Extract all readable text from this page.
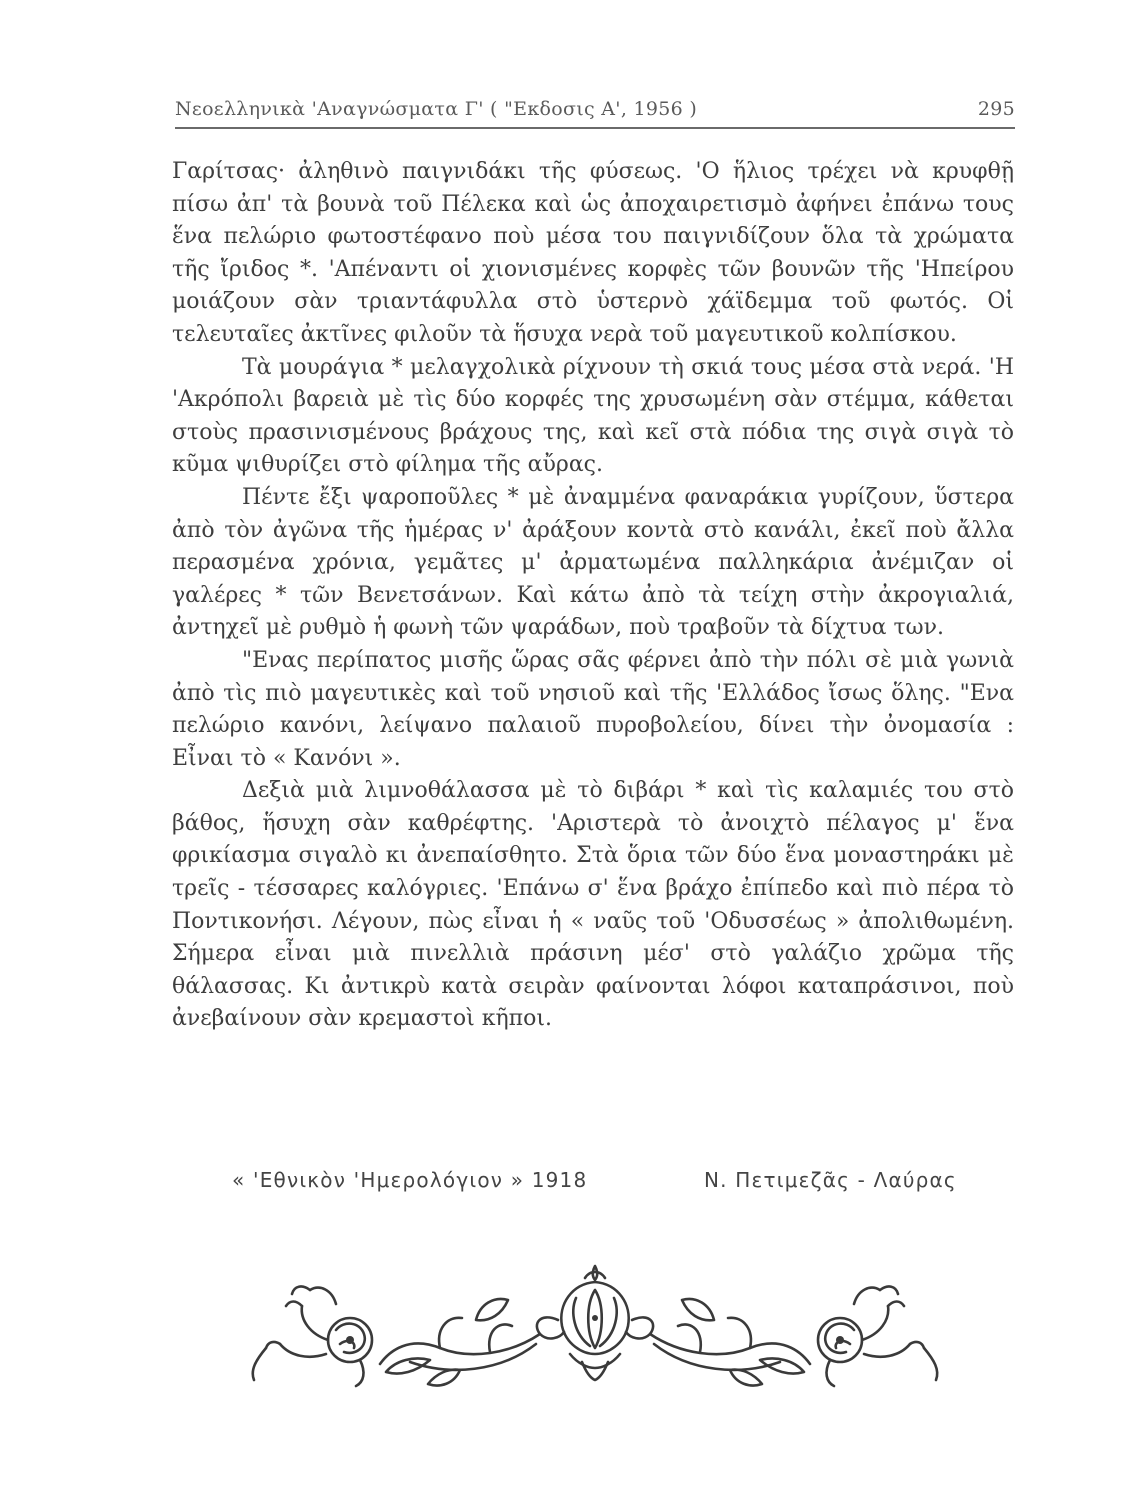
Νεοελληνικὰ 'Αναγνώσματα Γ' ( "Εκδοσις Α', 1956 )	295

Γαρίτσας· ἀληθινὸ παιγνιδάκι τῆς φύσεως. 'Ο ἥλιος τρέχει νὰ κρυφθῇ πίσω ἀπ' τὰ βουνὰ τοῦ Πέλεκα καὶ ὡς ἀποχαιρετισμὸ ἀφήνει ἐπάνω τους ἕνα πελώριο φωτοστέφανο ποὺ μέσα του παιγνιδίζουν ὅλα τὰ χρώματα τῆς ἴριδος *. 'Απέναντι οἱ χιονισμένες κορφὲς τῶν βουνῶν τῆς 'Ηπείρου μοιάζουν σὰν τριαντάφυλλα στὸ ὑστερνὸ χάϊδεμμα τοῦ φωτός. Οἱ τελευταῖες ἀκτῖνες φιλοῦν τὰ ἥσυχα νερὰ τοῦ μαγευτικοῦ κολπίσκου.

Τὰ μουράγια * μελαγχολικὰ ρίχνουν τὴ σκιά τους μέσα στὰ νερά. 'Η 'Ακρόπολι βαρειὰ μὲ τὶς δύο κορφές της χρυσωμένη σὰν στέμμα, κάθεται στοὺς πρασινισμένους βράχους της, καὶ κεῖ στὰ πόδια της σιγὰ σιγὰ τὸ κῦμα ψιθυρίζει στὸ φίλημα τῆς αὔρας.

Πέντε ἔξι ψαροποῦλες * μὲ ἀναμμένα φαναράκια γυρίζουν, ὕστερα ἀπὸ τὸν ἀγῶνα τῆς ἡμέρας ν' ἀράξουν κοντὰ στὸ κανάλι, ἐκεῖ ποὺ ἄλλα περασμένα χρόνια, γεμᾶτες μ' ἀρματωμένα παλληκάρια ἀνέμιζαν οἱ γαλέρες * τῶν Βενετσάνων. Καὶ κάτω ἀπὸ τὰ τείχη στὴν ἀκρογιαλιά, ἀντηχεῖ μὲ ρυθμὸ ἡ φωνὴ τῶν ψαράδων, ποὺ τραβοῦν τὰ δίχτυα των.

"Ενας περίπατος μισῆς ὥρας σᾶς φέρνει ἀπὸ τὴν πόλι σὲ μιὰ γωνιὰ ἀπὸ τὶς πιὸ μαγευτικὲς καὶ τοῦ νησιοῦ καὶ τῆς 'Ελλάδος ἴσως ὅλης. "Ενα πελώριο κανόνι, λείψανο παλαιοῦ πυροβολείου, δίνει τὴν ὀνομασία : Εἶναι τὸ « Κανόνι ».

Δεξιὰ μιὰ λιμνοθάλασσα μὲ τὸ διβάρι * καὶ τὶς καλαμιές του στὸ βάθος, ἥσυχη σὰν καθρέφτης. 'Αριστερὰ τὸ ἀνοιχτὸ πέλαγος μ' ἕνα φρικίασμα σιγαλὸ κι ἀνεπαίσθητο. Στὰ ὅρια τῶν δύο ἕνα μοναστηράκι μὲ τρεῖς - τέσσαρες καλόγριες. 'Επάνω σ' ἕνα βράχο ἐπίπεδο καὶ πιὸ πέρα τὸ Ποντικονήσι. Λέγουν, πὼς εἶναι ἡ « ναῦς τοῦ 'Οδυσσέως » ἀπολιθωμένη. Σήμερα εἶναι μιὰ πινελλιὰ πράσινη μέσ' στὸ γαλάζιο χρῶμα τῆς θάλασσας. Κι ἀντικρὺ κατὰ σειρὰν φαίνονται λόφοι καταπράσινοι, ποὺ ἀνεβαίνουν σὰν κρεμαστοὶ κῆποι.

« 'Εθνικὸν 'Ημερολόγιον » 1918	Ν. Πετιμεζᾶς - Λαύρας
